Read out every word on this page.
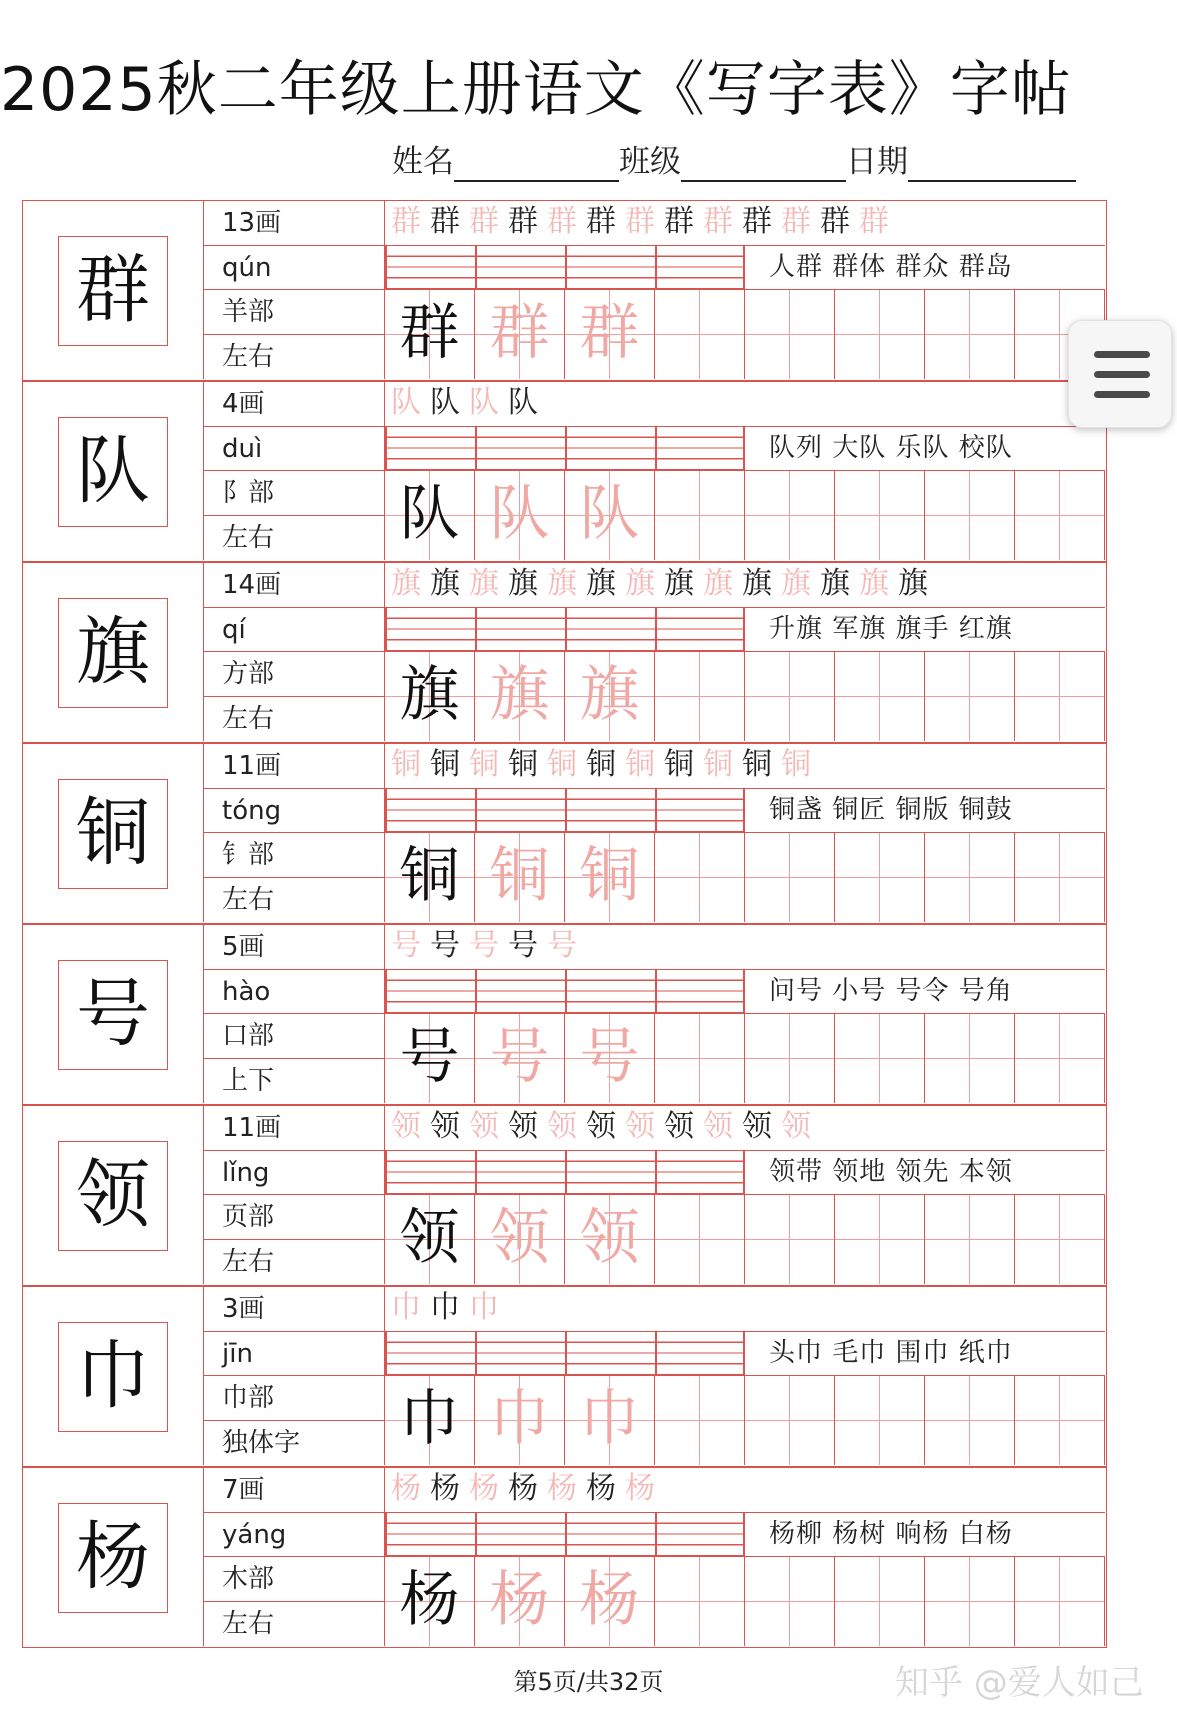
2025秋二年级上册语文《写字表》字帖
姓名	班级	日期
群
13画
qún
羊部
左右
群 群 群 群 群 群 群 群 群 群 群 群 群
人群 群体 群众 群岛
群 群 群
队
4画
duì
阝部
左右
队 队 队 队
队列 大队 乐队 校队
队 队 队
旗
14画
qí
方部
左右
旗 旗 旗 旗 旗 旗 旗 旗 旗 旗 旗 旗 旗 旗
升旗 军旗 旗手 红旗
旗 旗 旗
铜
11画
tóng
钅部
左右
铜 铜 铜 铜 铜 铜 铜 铜 铜 铜 铜
铜盏 铜匠 铜版 铜鼓
铜 铜 铜
号
5画
hào
口部
上下
号 号 号 号 号
问号 小号 号令 号角
号 号 号
领
11画
lǐng
页部
左右
领 领 领 领 领 领 领 领 领 领 领
领带 领地 领先 本领
领 领 领
巾
3画
jīn
巾部
独体字
巾 巾 巾
头巾 毛巾 围巾 纸巾
巾 巾 巾
杨
7画
yáng
木部
左右
杨 杨 杨 杨 杨 杨 杨
杨柳 杨树 响杨 白杨
杨 杨 杨
第5页/共32页	知乎 @爱人如己
